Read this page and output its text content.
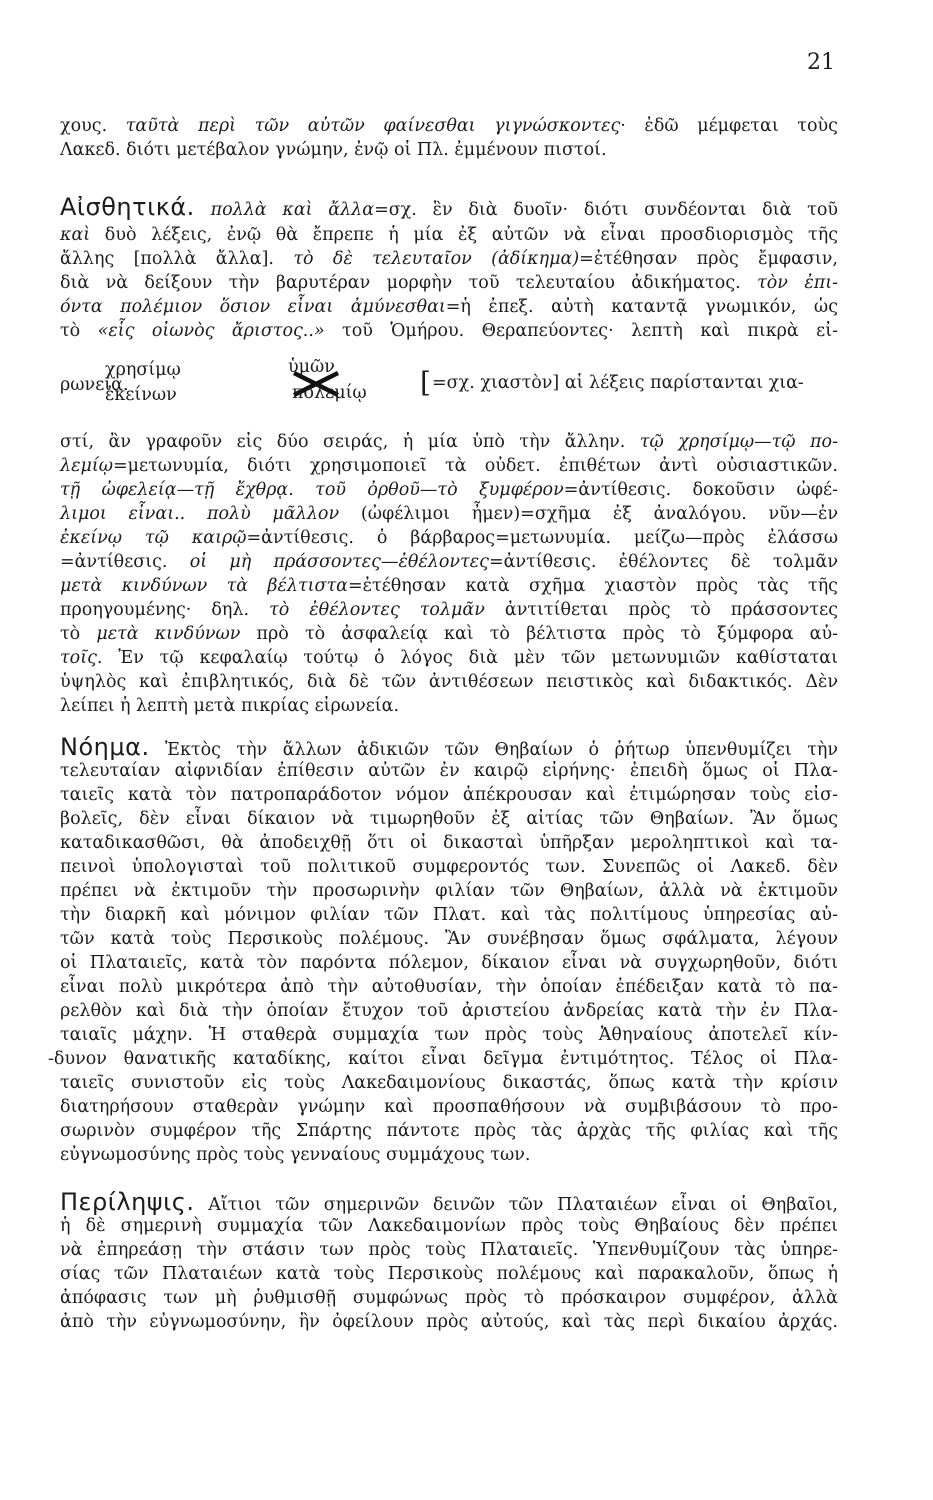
21
χους. ταῦτὰ περὶ τῶν αὐτῶν φαίνεσθαι γιγνώσκοντες· ἐδῶ μέμφεται τοὺς
Λακεδ. διότι μετέβαλον γνώμην, ἐνῷ οἱ Πλ. ἐμμένουν πιστοί.
Αἰσθητικά. πολλὰ καὶ ἄλλα=σχ. ἓν διὰ δυοῖν· διότι συνδέονται διὰ τοῦ
καὶ δυὸ λέξεις, ἐνῷ θὰ ἔπρεπε ἡ μία ἐξ αὐτῶν νὰ εἶναι προσδιορισμὸς τῆς
ἄλλης [πολλὰ ἄλλα]. τὸ δὲ τελευταῖον (ἀδίκημα)=ἐτέθησαν πρὸς ἔμφασιν,
διὰ νὰ δείξουν τὴν βαρυτέραν μορφὴν τοῦ τελευταίου ἀδικήματος. τὸν ἐπι-
όντα πολέμιον ὅσιον εἶναι ἀμύνεσθαι=ἡ ἐπεξ. αὐτὴ καταντᾷ γνωμικόν, ὡς
τὸ «εἷς οἰωνὸς ἄριστος..» τοῦ Ὁμήρου. Θεραπεύοντες· λεπτὴ καὶ πικρὰ εἰ-
ρωνεία.
χρησίμῳ
ἐκείνων
ὑμῶν
πολεμίῳ [ =σχ. χιαστὸν] αἱ λέξεις παρίστανται χια-
στί, ἂν γραφοῦν εἰς δύο σειράς, ἡ μία ὑπὸ τὴν ἄλλην. τῷ χρησίμῳ—τῷ πο-
λεμίῳ=μετωνυμία, διότι χρησιμοποιεῖ τὰ οὐδετ. ἐπιθέτων ἀντὶ οὐσιαστικῶν.
τῇ ὠφελείᾳ—τῇ ἔχθρᾳ. τοῦ ὀρθοῦ—τὸ ξυμφέρον=ἀντίθεσις. δοκοῦσιν ὠφέ-
λιμοι εἶναι.. πολὺ μᾶλλον (ὠφέλιμοι ἦμεν)=σχῆμα ἐξ ἀναλόγου. νῦν—ἐν
ἐκείνῳ τῷ καιρῷ=ἀντίθεσις. ὁ βάρβαρος=μετωνυμία. μείζω—πρὸς ἐλάσσω
=ἀντίθεσις. οἱ μὴ πράσσοντες—ἐθέλοντες=ἀντίθεσις. ἐθέλοντες δὲ τολμᾶν
μετὰ κινδύνων τὰ βέλτιστα=ἐτέθησαν κατὰ σχῆμα χιαστὸν πρὸς τὰς τῆς
προηγουμένης· δηλ. τὸ ἐθέλοντες τολμᾶν ἀντιτίθεται πρὸς τὸ πράσσοντες
τὸ μετὰ κινδύνων πρὸ τὸ ἀσφαλείᾳ καὶ τὸ βέλτιστα πρὸς τὸ ξύμφορα αὐ-
τοῖς. Ἐν τῷ κεφαλαίῳ τούτῳ ὁ λόγος διὰ μὲν τῶν μετωνυμιῶν καθίσταται
ὑψηλὸς καὶ ἐπιβλητικός, διὰ δὲ τῶν ἀντιθέσεων πειστικὸς καὶ διδακτικός. Δὲν
λείπει ἡ λεπτὴ μετὰ πικρίας εἰρωνεία.
Νόημα. Ἐκτὸς τὴν ἄλλων ἀδικιῶν τῶν Θηβαίων ὁ ῥήτωρ ὑπενθυμίζει τὴν
τελευταίαν αἰφνιδίαν ἐπίθεσιν αὐτῶν ἐν καιρῷ εἰρήνης· ἐπειδὴ ὅμως οἱ Πλα-
ταιεῖς κατὰ τὸν πατροπαράδοτον νόμον ἀπέκρουσαν καὶ ἐτιμώρησαν τοὺς εἰσ-
βολεῖς, δὲν εἶναι δίκαιον νὰ τιμωρηθοῦν ἐξ αἰτίας τῶν Θηβαίων. Ἂν ὅμως
καταδικασθῶσι, θὰ ἀποδειχθῇ ὅτι οἱ δικασταὶ ὑπῆρξαν μεροληπτικοὶ καὶ τα-
πεινοὶ ὑπολογισταὶ τοῦ πολιτικοῦ συμφεροντός των. Συνεπῶς οἱ Λακεδ. δὲν
πρέπει νὰ ἐκτιμοῦν τὴν προσωρινὴν φιλίαν τῶν Θηβαίων, ἀλλὰ νὰ ἐκτιμοῦν
τὴν διαρκῆ καὶ μόνιμον φιλίαν τῶν Πλατ. καὶ τὰς πολιτίμους ὑπηρεσίας αὐ-
τῶν κατὰ τοὺς Περσικοὺς πολέμους. Ἂν συνέβησαν ὅμως σφάλματα, λέγουν
οἱ Πλαταιεῖς, κατὰ τὸν παρόντα πόλεμον, δίκαιον εἶναι νὰ συγχωρηθοῦν, διότι
εἶναι πολὺ μικρότερα ἀπὸ τὴν αὐτοθυσίαν, τὴν ὁποίαν ἐπέδειξαν κατὰ τὸ πα-
ρελθὸν καὶ διὰ τὴν ὁποίαν ἔτυχον τοῦ ἀριστείου ἀνδρείας κατὰ τὴν ἐν Πλα-
ταιαῖς μάχην. Ἡ σταθερὰ συμμαχία των πρὸς τοὺς Ἀθηναίους ἀποτελεῖ κίν-
-δυνον θανατικῆς καταδίκης, καίτοι εἶναι δεῖγμα ἐντιμότητος. Τέλος οἱ Πλα-
ταιεῖς συνιστοῦν εἰς τοὺς Λακεδαιμονίους δικαστάς, ὅπως κατὰ τὴν κρίσιν
διατηρήσουν σταθερὰν γνώμην καὶ προσπαθήσουν νὰ συμβιβάσουν τὸ προ-
σωρινὸν συμφέρον τῆς Σπάρτης πάντοτε πρὸς τὰς ἀρχὰς τῆς φιλίας καὶ τῆς
εὐγνωμοσύνης πρὸς τοὺς γενναίους συμμάχους των.
Περίληψις. Αἴτιοι τῶν σημερινῶν δεινῶν τῶν Πλαταιέων εἶναι οἱ Θηβαῖοι,
ἡ δὲ σημερινὴ συμμαχία τῶν Λακεδαιμονίων πρὸς τοὺς Θηβαίους δὲν πρέπει
νὰ ἐπηρεάσῃ τὴν στάσιν των πρὸς τοὺς Πλαταιεῖς. Ὑπενθυμίζουν τὰς ὑπηρε-
σίας τῶν Πλαταιέων κατὰ τοὺς Περσικοὺς πολέμους καὶ παρακαλοῦν, ὅπως ἡ
ἀπόφασις των μὴ ῥυθμισθῇ συμφώνως πρὸς τὸ πρόσκαιρον συμφέρον, ἀλλὰ
ἀπὸ τὴν εὐγνωμοσύνην, ἣν ὀφείλουν πρὸς αὐτούς, καὶ τὰς περὶ δικαίου ἀρχάς.
